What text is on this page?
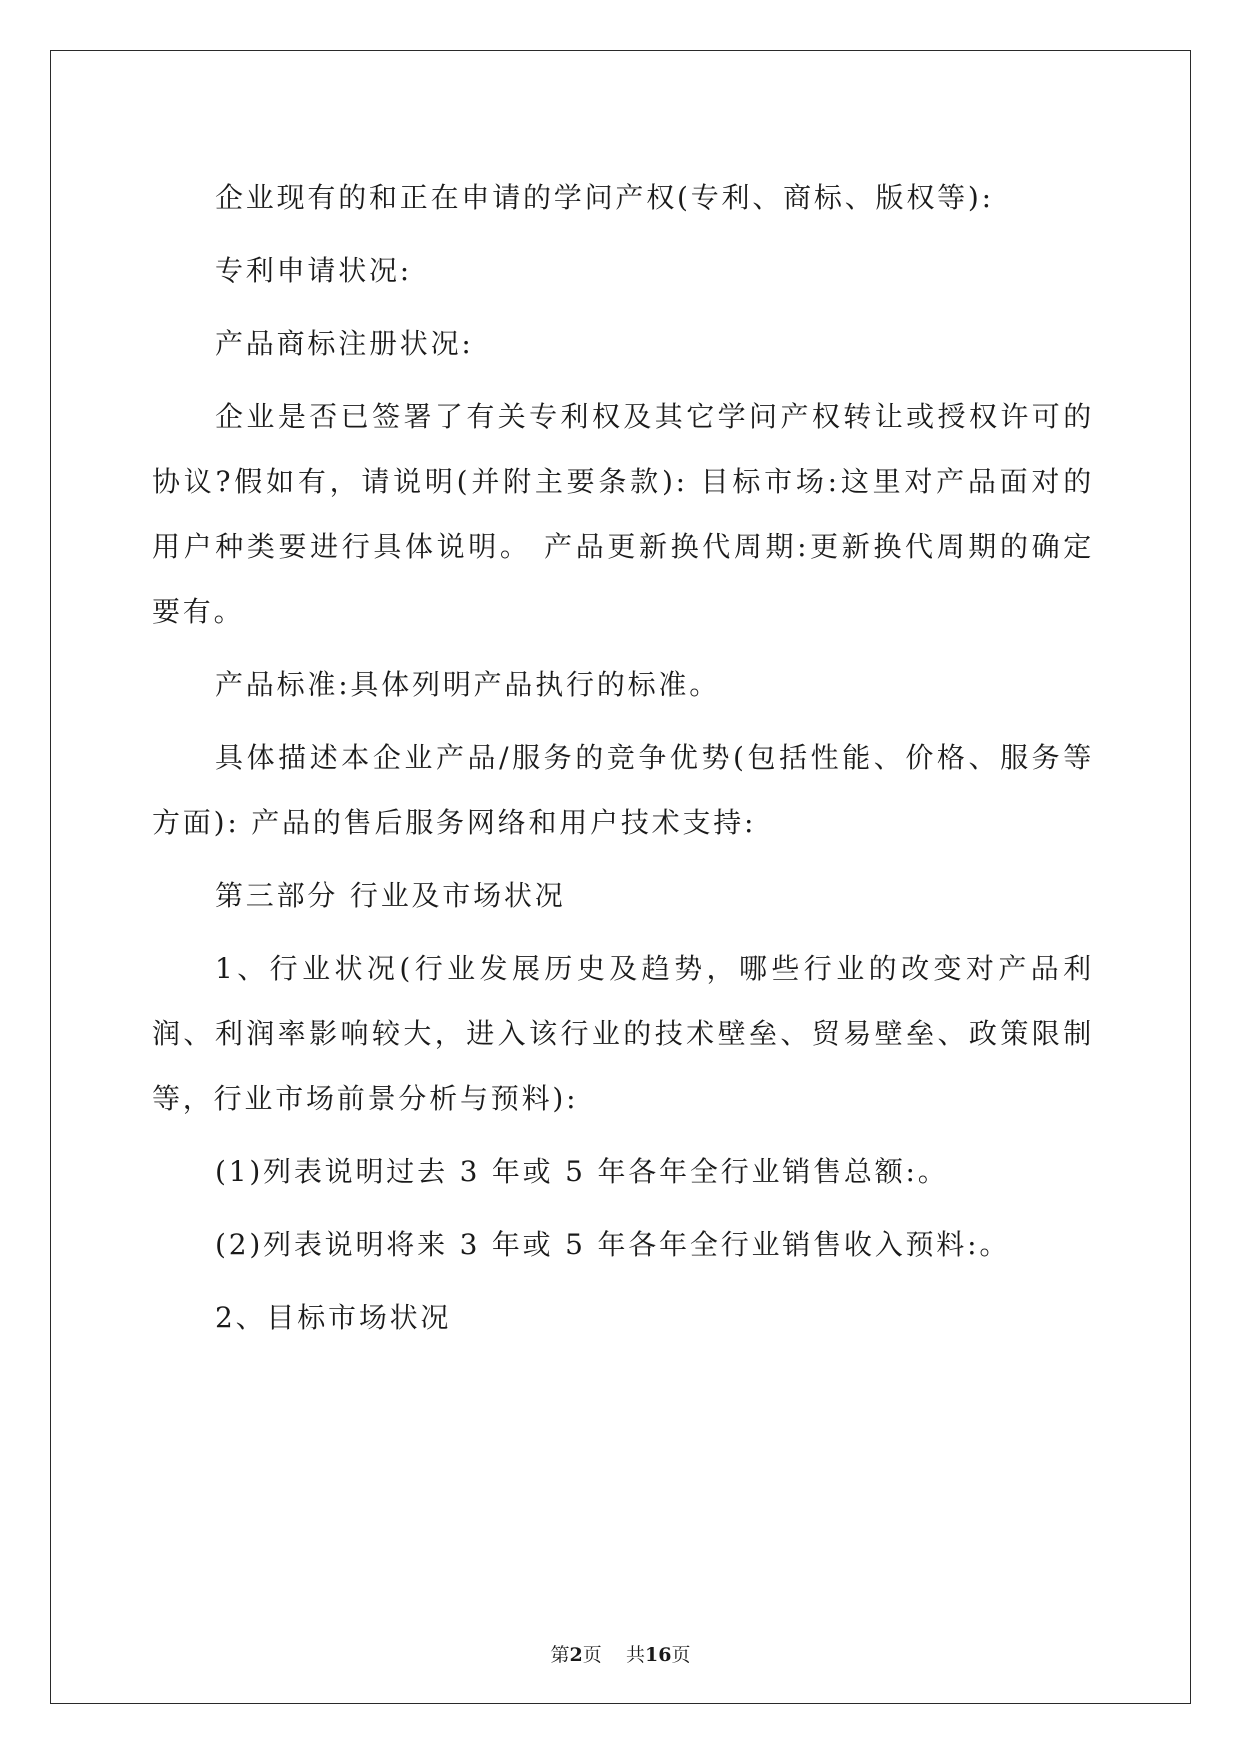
企业现有的和正在申请的学问产权(专利、商标、版权等):

专利申请状况:

产品商标注册状况:

企业是否已签署了有关专利权及其它学问产权转让或授权许可的协议?假如有，请说明(并附主要条款): 目标市场:这里对产品面对的用户种类要进行具体说明。 产品更新换代周期:更新换代周期的确定要有。

产品标准:具体列明产品执行的标准。

具体描述本企业产品/服务的竞争优势(包括性能、价格、服务等方面): 产品的售后服务网络和用户技术支持:

第三部分 行业及市场状况

1、行业状况(行业发展历史及趋势，哪些行业的改变对产品利润、利润率影响较大，进入该行业的技术壁垒、贸易壁垒、政策限制等，行业市场前景分析与预料):

(1)列表说明过去 3 年或 5 年各年全行业销售总额:。

(2)列表说明将来 3 年或 5 年各年全行业销售收入预料:。

2、目标市场状况

第2页 共16页
